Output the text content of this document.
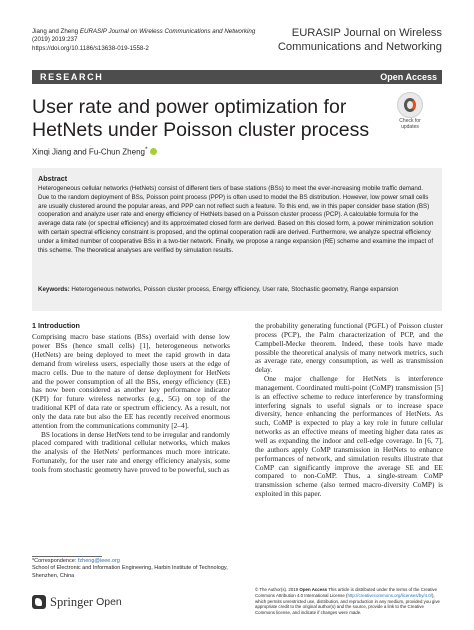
Jiang and Zheng EURASIP Journal on Wireless Communications and Networking
(2019) 2019:237
https://doi.org/10.1186/s13638-019-1558-2
EURASIP Journal on Wireless
Communications and Networking
RESEARCH	Open Access
User rate and power optimization for
HetNets under Poisson cluster process
Xinqi Jiang and Fu-Chun Zheng*
Check for updates
Abstract
Heterogeneous cellular networks (HetNets) consist of different tiers of base stations (BSs) to meet the ever-increasing mobile traffic demand. Due to the random deployment of BSs, Poisson point process (PPP) is often used to model the BS distribution. However, low power small cells are usually clustered around the popular areas, and PPP can not reflect such a feature. To this end, we in this paper consider base station (BS) cooperation and analyze user rate and energy efficiency of HetNets based on a Poisson cluster process (PCP). A calculable formula for the average data rate (or spectral efficiency) and its approximated closed form are derived. Based on this closed form, a power minimization solution with certain spectral efficiency constraint is proposed, and the optimal cooperation radii are derived. Furthermore, we analyze spectral efficiency under a limited number of cooperative BSs in a two-tier network. Finally, we propose a range expansion (RE) scheme and examine the impact of this scheme. The theoretical analyses are verified by simulation results.
Keywords: Heterogeneous networks, Poisson cluster process, Energy efficiency, User rate, Stochastic geometry, Range expansion
1 Introduction
Comprising macro base stations (BSs) overlaid with dense low power BSs (hence small cells) [1], heterogeneous networks (HetNets) are being deployed to meet the rapid growth in data demand from wireless users, especially those users at the edge of macro cells. Due to the nature of dense deployment for HetNets and the power consumption of all the BSs, energy efficiency (EE) has now been considered as another key performance indicator (KPI) for future wireless networks (e.g., 5G) on top of the traditional KPI of data rate or spectrum efficiency. As a result, not only the data rate but also the EE has recently received enormous attention from the communications community [2–4].
BS locations in dense HetNets tend to be irregular and randomly placed compared with traditional cellular networks, which makes the analysis of the HetNets' performances much more intricate. Fortunately, for the user rate and energy efficiency analysis, some tools from stochastic geometry have proved to be powerful, such as
the probability generating functional (PGFL) of Poisson cluster process (PCP), the Palm characterization of PCP, and the Campbell-Mecke theorem. Indeed, these tools have made possible the theoretical analysis of many network metrics, such as average rate, energy consumption, as well as transmission delay.
One major challenge for HetNets is interference management. Coordinated multi-point (CoMP) transmission [5] is an effective scheme to reduce interference by transforming interfering signals to useful signals or to increase space diversity, hence enhancing the performances of HetNets. As such, CoMP is expected to play a key role in future cellular networks as an effective means of meeting higher data rates as well as expanding the indoor and cell-edge coverage. In [6, 7], the authors apply CoMP transmission in HetNets to enhance performances of network, and simulation results illustrate that CoMP can significantly improve the average SE and EE compared to non-CoMP. Thus, a single-stream CoMP transmission scheme (also termed macro-diversity CoMP) is exploited in this paper.
*Correspondence: fzheng@ieee.org
School of Electronic and Information Engineering, Harbin Institute of Technology, Shenzhen, China
Springer Open
© The Author(s). 2019 Open Access This article is distributed under the terms of the Creative Commons Attribution 4.0 International License (http://creativecommons.org/licenses/by/4.0/), which permits unrestricted use, distribution, and reproduction in any medium, provided you give appropriate credit to the original author(s) and the source, provide a link to the Creative Commons license, and indicate if changes were made.
